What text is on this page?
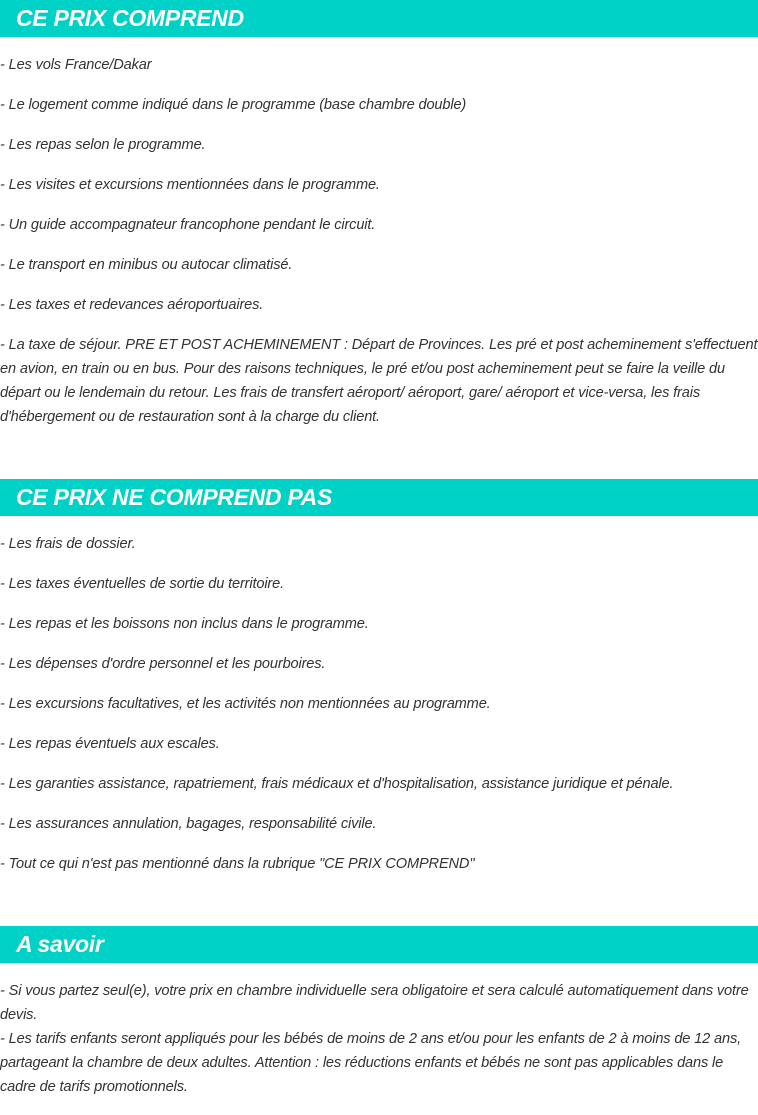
CE PRIX COMPREND
- Les vols France/Dakar
- Le logement comme indiqué dans le programme (base chambre double)
- Les repas selon le programme.
- Les visites et excursions mentionnées dans le programme.
- Un guide accompagnateur francophone pendant le circuit.
- Le transport en minibus ou autocar climatisé.
- Les taxes et redevances aéroportuaires.
- La taxe de séjour. PRE ET POST ACHEMINEMENT : Départ de Provinces. Les pré et post acheminement s'effectuent en avion, en train ou en bus. Pour des raisons techniques, le pré et/ou post acheminement peut se faire la veille du départ ou le lendemain du retour. Les frais de transfert aéroport/ aéroport, gare/ aéroport et vice-versa, les frais d'hébergement ou de restauration sont à la charge du client.
CE PRIX NE COMPREND PAS
- Les frais de dossier.
- Les taxes éventuelles de sortie du territoire.
- Les repas et les boissons non inclus dans le programme.
- Les dépenses d'ordre personnel et les pourboires.
- Les excursions facultatives, et les activités non mentionnées au programme.
- Les repas éventuels aux escales.
- Les garanties assistance, rapatriement, frais médicaux et d'hospitalisation, assistance juridique et pénale.
- Les assurances annulation, bagages, responsabilité civile.
- Tout ce qui n'est pas mentionné dans la rubrique "CE PRIX COMPREND"
A savoir
- Si vous partez seul(e), votre prix en chambre individuelle sera obligatoire et sera calculé automatiquement dans votre devis.
- Les tarifs enfants seront appliqués pour les bébés de moins de 2 ans et/ou pour les enfants de 2 à moins de 12 ans, partageant la chambre de deux adultes. Attention : les réductions enfants et bébés ne sont pas applicables dans le cadre de tarifs promotionnels.
